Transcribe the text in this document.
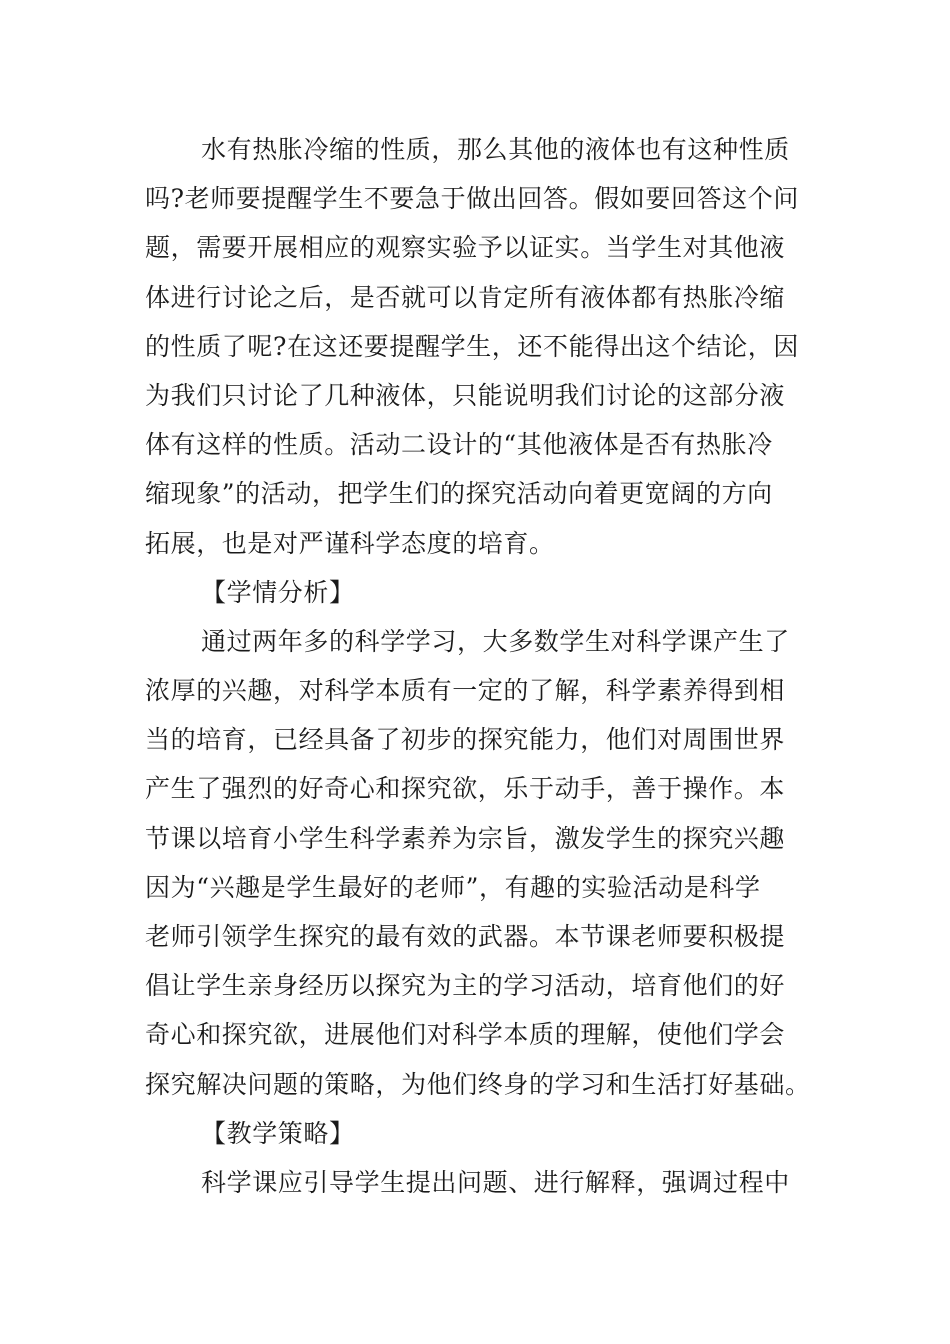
水有热胀冷缩的性质，那么其他的液体也有这种性质
吗?老师要提醒学生不要急于做出回答。假如要回答这个问
题，需要开展相应的观察实验予以证实。当学生对其他液
体进行讨论之后，是否就可以肯定所有液体都有热胀冷缩
的性质了呢?在这还要提醒学生，还不能得出这个结论，因
为我们只讨论了几种液体，只能说明我们讨论的这部分液
体有这样的性质。活动二设计的“其他液体是否有热胀冷
缩现象”的活动，把学生们的探究活动向着更宽阔的方向
拓展，也是对严谨科学态度的培育。
【学情分析】
通过两年多的科学学习，大多数学生对科学课产生了
浓厚的兴趣，对科学本质有一定的了解，科学素养得到相
当的培育，已经具备了初步的探究能力，他们对周围世界
产生了强烈的好奇心和探究欲，乐于动手，善于操作。本
节课以培育小学生科学素养为宗旨，激发学生的探究兴趣
因为“兴趣是学生最好的老师”，有趣的实验活动是科学
老师引领学生探究的最有效的武器。本节课老师要积极提
倡让学生亲身经历以探究为主的学习活动，培育他们的好
奇心和探究欲，进展他们对科学本质的理解，使他们学会
探究解决问题的策略，为他们终身的学习和生活打好基础。
【教学策略】
科学课应引导学生提出问题、进行解释，强调过程中
